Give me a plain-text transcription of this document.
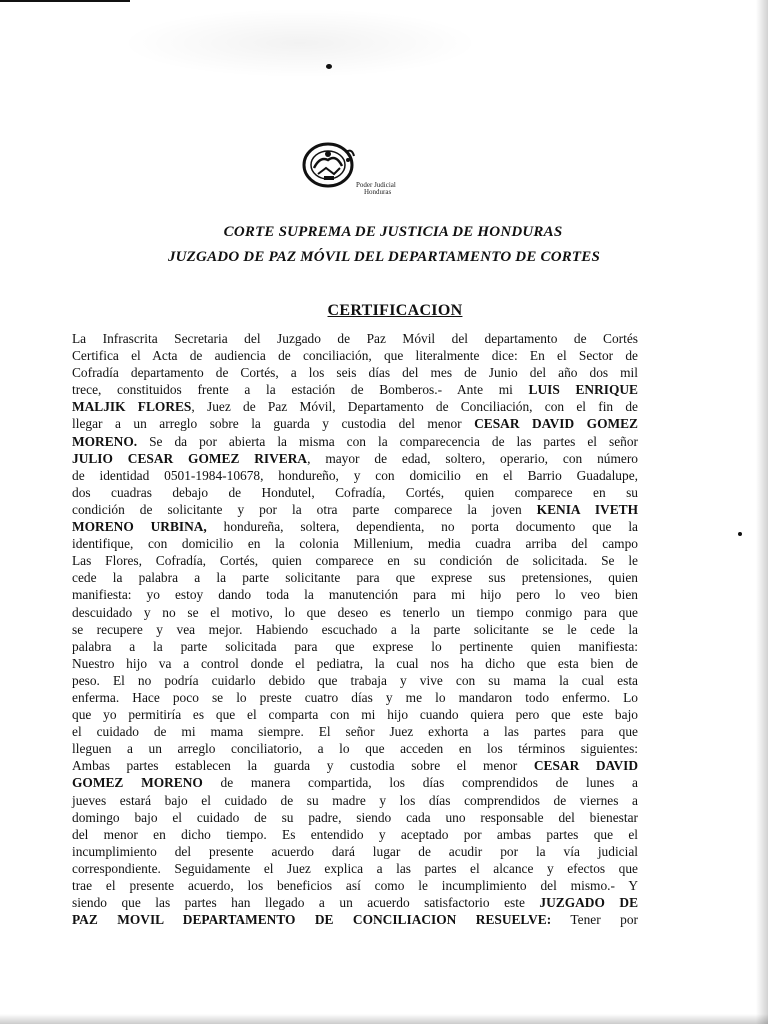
Poder Judicial
Honduras
CORTE SUPREMA DE JUSTICIA DE HONDURAS
JUZGADO DE PAZ MÓVIL DEL DEPARTAMENTO DE CORTES
CERTIFICACION
La Infrascrita Secretaria del Juzgado de Paz Móvil del departamento de Cortés
Certifica el Acta de audiencia de conciliación, que literalmente dice: En el Sector de
Cofradía departamento de Cortés, a los seis días del mes de Junio del año dos mil
trece, constituidos frente a la estación de Bomberos.- Ante mi LUIS ENRIQUE
MALJIK FLORES, Juez de Paz Móvil, Departamento de Conciliación, con el fin de
llegar a un arreglo sobre la guarda y custodia del menor CESAR DAVID GOMEZ
MORENO. Se da por abierta la misma con la comparecencia de las partes el señor
JULIO CESAR GOMEZ RIVERA, mayor de edad, soltero, operario, con número
de identidad 0501-1984-10678, hondureño, y con domicilio en el Barrio Guadalupe,
dos cuadras debajo de Hondutel, Cofradía, Cortés, quien comparece en su
condición de solicitante y por la otra parte comparece la joven KENIA IVETH
MORENO URBINA, hondureña, soltera, dependienta, no porta documento que la
identifique, con domicilio en la colonia Millenium, media cuadra arriba del campo
Las Flores, Cofradía, Cortés, quien comparece en su condición de solicitada. Se le
cede la palabra a la parte solicitante para que exprese sus pretensiones, quien
manifiesta: yo estoy dando toda la manutención para mi hijo pero lo veo bien
descuidado y no se el motivo, lo que deseo es tenerlo un tiempo conmigo para que
se recupere y vea mejor. Habiendo escuchado a la parte solicitante se le cede la
palabra a la parte solicitada para que exprese lo pertinente quien manifiesta:
Nuestro hijo va a control donde el pediatra, la cual nos ha dicho que esta bien de
peso. El no podría cuidarlo debido que trabaja y vive con su mama la cual esta
enferma. Hace poco se lo preste cuatro días y me lo mandaron todo enfermo. Lo
que yo permitiría es que el comparta con mi hijo cuando quiera pero que este bajo
el cuidado de mi mama siempre. El señor Juez exhorta a las partes para que
lleguen a un arreglo conciliatorio, a lo que acceden en los términos siguientes:
Ambas partes establecen la guarda y custodia sobre el menor CESAR DAVID
GOMEZ MORENO de manera compartida, los días comprendidos de lunes a
jueves estará bajo el cuidado de su madre y los días comprendidos de viernes a
domingo bajo el cuidado de su padre, siendo cada uno responsable del bienestar
del menor en dicho tiempo. Es entendido y aceptado por ambas partes que el
incumplimiento del presente acuerdo dará lugar de acudir por la vía judicial
correspondiente. Seguidamente el Juez explica a las partes el alcance y efectos que
trae el presente acuerdo, los beneficios así como le incumplimiento del mismo.- Y
siendo que las partes han llegado a un acuerdo satisfactorio este JUZGADO DE
PAZ MOVIL DEPARTAMENTO DE CONCILIACION RESUELVE: Tener por
